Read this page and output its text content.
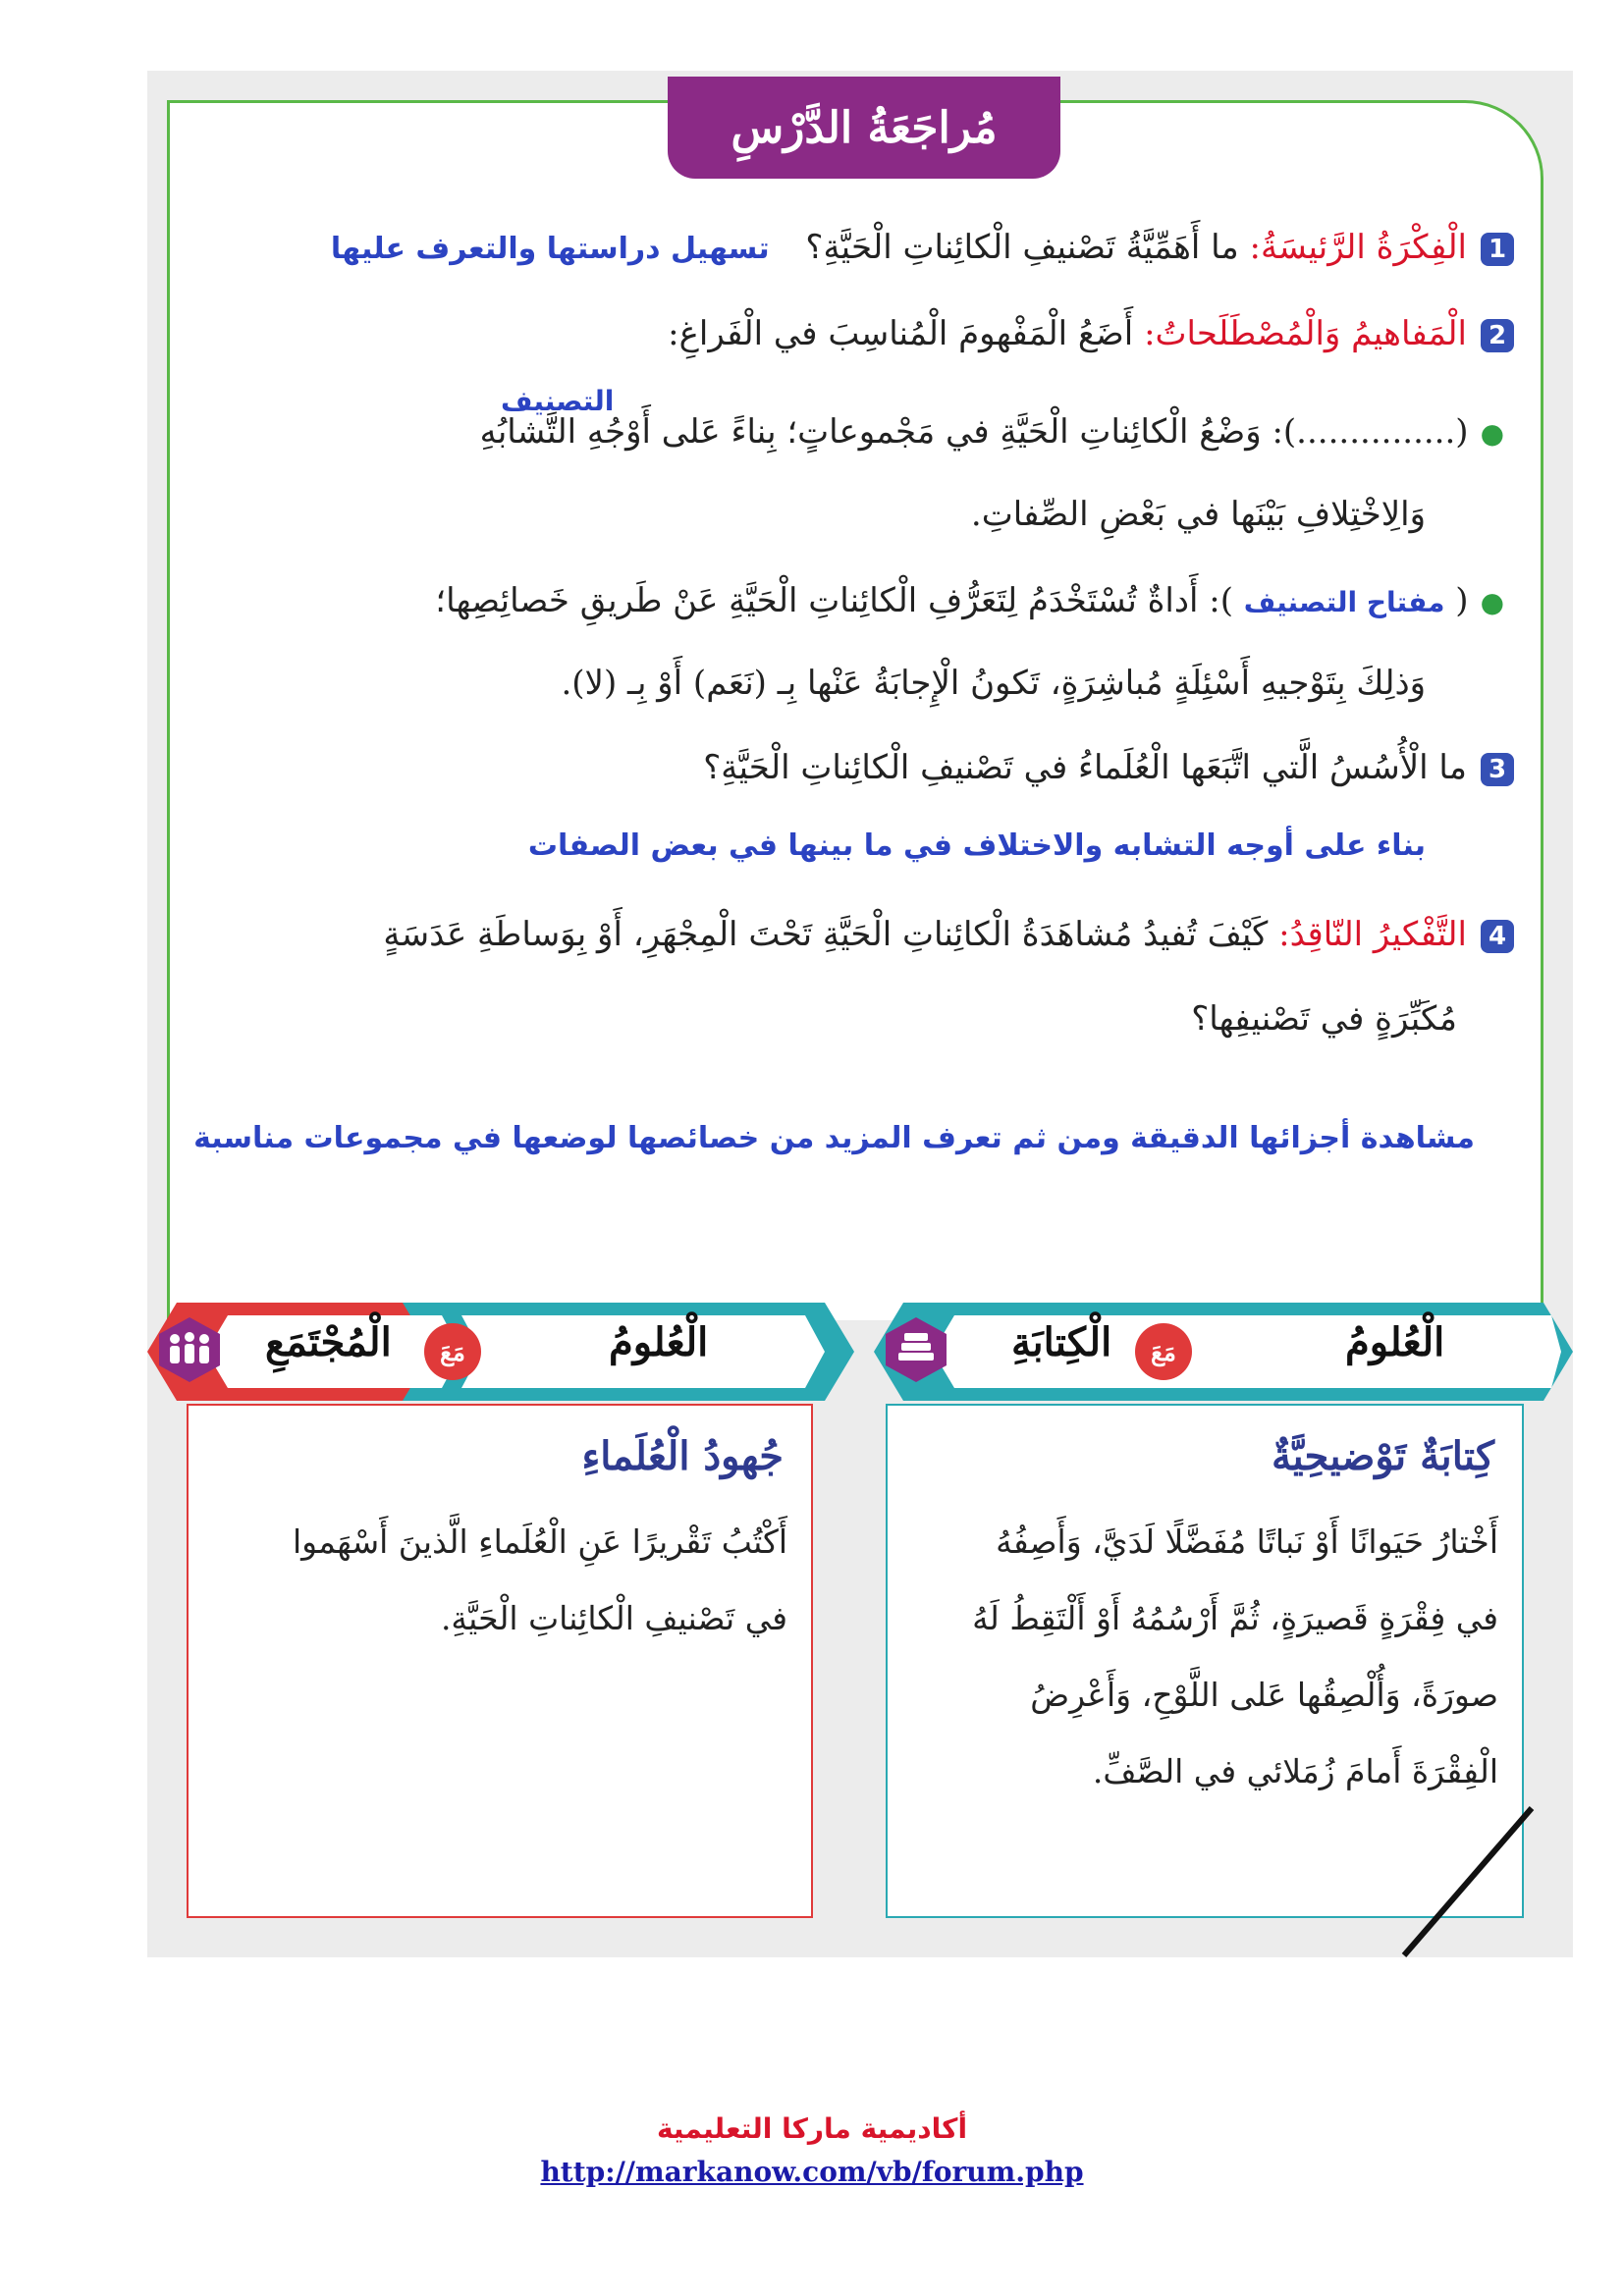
مُراجَعَةُ الدَّرْسِ
1الْفِكْرَةُ الرَّئيسَةُ: ما أَهَمِّيَّةُ تَصْنيفِ الْكائِناتِ الْحَيَّةِ؟ تسهيل دراستها والتعرف عليها
2الْمَفاهيمُ وَالْمُصْطَلَحاتُ: أَضَعُ الْمَفْهومَ الْمُناسِبَ في الْفَراغِ:
التصنيف
●(...............): وَضْعُ الْكائِناتِ الْحَيَّةِ في مَجْموعاتٍ؛ بِناءً عَلى أَوْجُهِ التَّشابُهِ
وَالِاخْتِلافِ بَيْنَها في بَعْضِ الصِّفاتِ.
●( مفتاح التصنيف ): أَداةٌ تُسْتَخْدَمُ لِتَعَرُّفِ الْكائِناتِ الْحَيَّةِ عَنْ طَريقِ خَصائِصِها؛
وَذلِكَ بِتَوْجيهِ أَسْئِلَةٍ مُباشِرَةٍ، تَكونُ الْإِجابَةُ عَنْها بِـ (نَعَم) أَوْ بِـ (لا).
3ما الْأُسُسُ الَّتي اتَّبَعَها الْعُلَماءُ في تَصْنيفِ الْكائِناتِ الْحَيَّةِ؟
بناء على أوجه التشابه والاختلاف في ما بينها في بعض الصفات
4التَّفْكيرُ النّاقِدُ: كَيْفَ تُفيدُ مُشاهَدَةُ الْكائِناتِ الْحَيَّةِ تَحْتَ الْمِجْهَرِ، أَوْ بِوَساطَةِ عَدَسَةٍ
مُكَبِّرَةٍ في تَصْنيفِها؟
مشاهدة أجزائها الدقيقة ومن ثم تعرف المزيد من خصائصها لوضعها في مجموعات مناسبة
الْكِتابَةِ	مَعَ	الْعُلومُ
الْمُجْتَمَعِ	مَعَ	الْعُلومُ
كِتابَةٌ تَوْضيحِيَّةٌ
أَخْتارُ حَيَوانًا أَوْ نَباتًا مُفَضَّلًا لَدَيَّ، وَأَصِفُهُ
في فِقْرَةٍ قَصيرَةٍ، ثُمَّ أَرْسُمُهُ أَوْ أَلْتَقِطُ لَهُ
صورَةً، وَأُلْصِقُها عَلى اللَّوْحِ، وَأَعْرِضُ
الْفِقْرَةَ أَمامَ زُمَلائي في الصَّفِّ.
جُهودُ الْعُلَماءِ
أَكْتُبُ تَقْريرًا عَنِ الْعُلَماءِ الَّذينَ أَسْهَموا
في تَصْنيفِ الْكائِناتِ الْحَيَّةِ.
أكاديمية ماركا التعليمية
http://markanow.com/vb/forum.php
